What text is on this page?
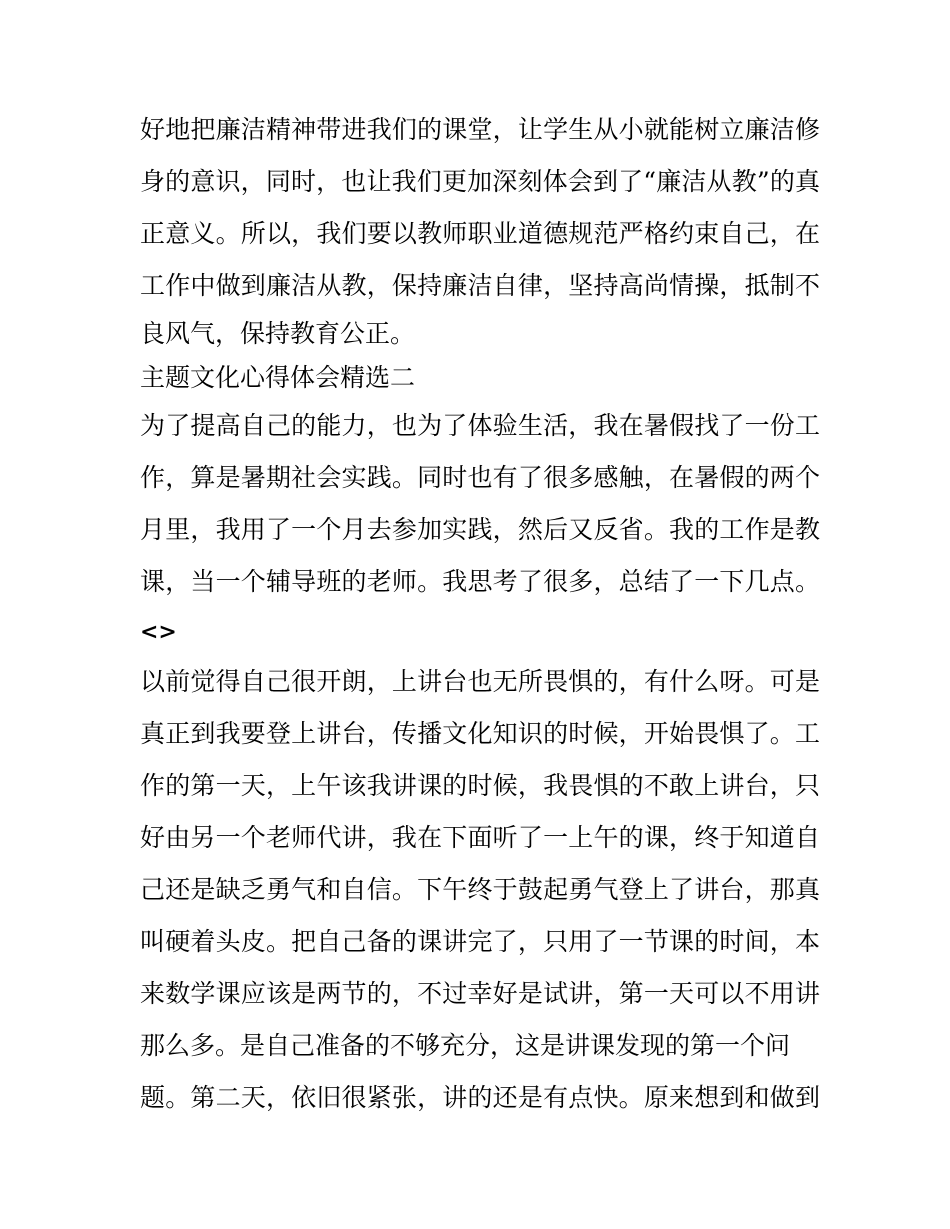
好地把廉洁精神带进我们的课堂，让学生从小就能树立廉洁修
身的意识，同时，也让我们更加深刻体会到了“廉洁从教”的真
正意义。所以，我们要以教师职业道德规范严格约束自己，在
工作中做到廉洁从教，保持廉洁自律，坚持高尚情操，抵制不
良风气，保持教育公正。
主题文化心得体会精选二
为了提高自己的能力，也为了体验生活，我在暑假找了一份工
作，算是暑期社会实践。同时也有了很多感触，在暑假的两个
月里，我用了一个月去参加实践，然后又反省。我的工作是教
课，当一个辅导班的老师。我思考了很多，总结了一下几点。
<>
以前觉得自己很开朗，上讲台也无所畏惧的，有什么呀。可是
真正到我要登上讲台，传播文化知识的时候，开始畏惧了。工
作的第一天，上午该我讲课的时候，我畏惧的不敢上讲台，只
好由另一个老师代讲，我在下面听了一上午的课，终于知道自
己还是缺乏勇气和自信。下午终于鼓起勇气登上了讲台，那真
叫硬着头皮。把自己备的课讲完了，只用了一节课的时间，本
来数学课应该是两节的，不过幸好是试讲，第一天可以不用讲
那么多。是自己准备的不够充分，这是讲课发现的第一个问
题。第二天，依旧很紧张，讲的还是有点快。原来想到和做到
